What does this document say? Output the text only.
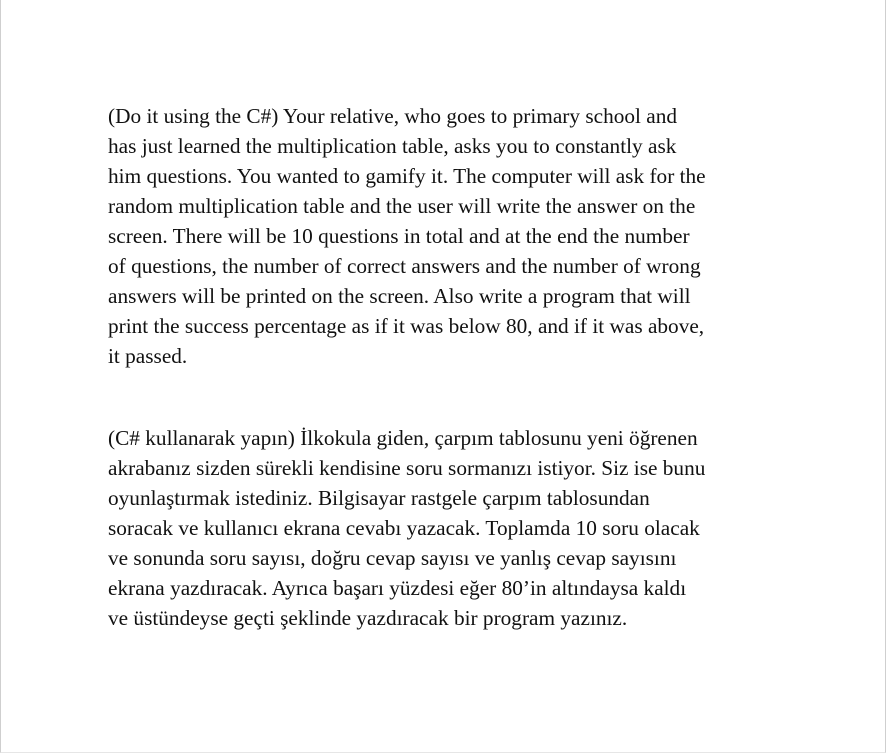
(Do it using the C#) Your relative, who goes to primary school and
has just learned the multiplication table, asks you to constantly ask
him questions. You wanted to gamify it. The computer will ask for the
random multiplication table and the user will write the answer on the
screen. There will be 10 questions in total and at the end the number
of questions, the number of correct answers and the number of wrong
answers will be printed on the screen. Also write a program that will
print the success percentage as if it was below 80, and if it was above,
it passed.

(C# kullanarak yapın) İlkokula giden, çarpım tablosunu yeni öğrenen
akrabanız sizden sürekli kendisine soru sormanızı istiyor. Siz ise bunu
oyunlaştırmak istediniz. Bilgisayar rastgele çarpım tablosundan
soracak ve kullanıcı ekrana cevabı yazacak. Toplamda 10 soru olacak
ve sonunda soru sayısı, doğru cevap sayısı ve yanlış cevap sayısını
ekrana yazdıracak. Ayrıca başarı yüzdesi eğer 80’in altındaysa kaldı
ve üstündeyse geçti şeklinde yazdıracak bir program yazınız.
